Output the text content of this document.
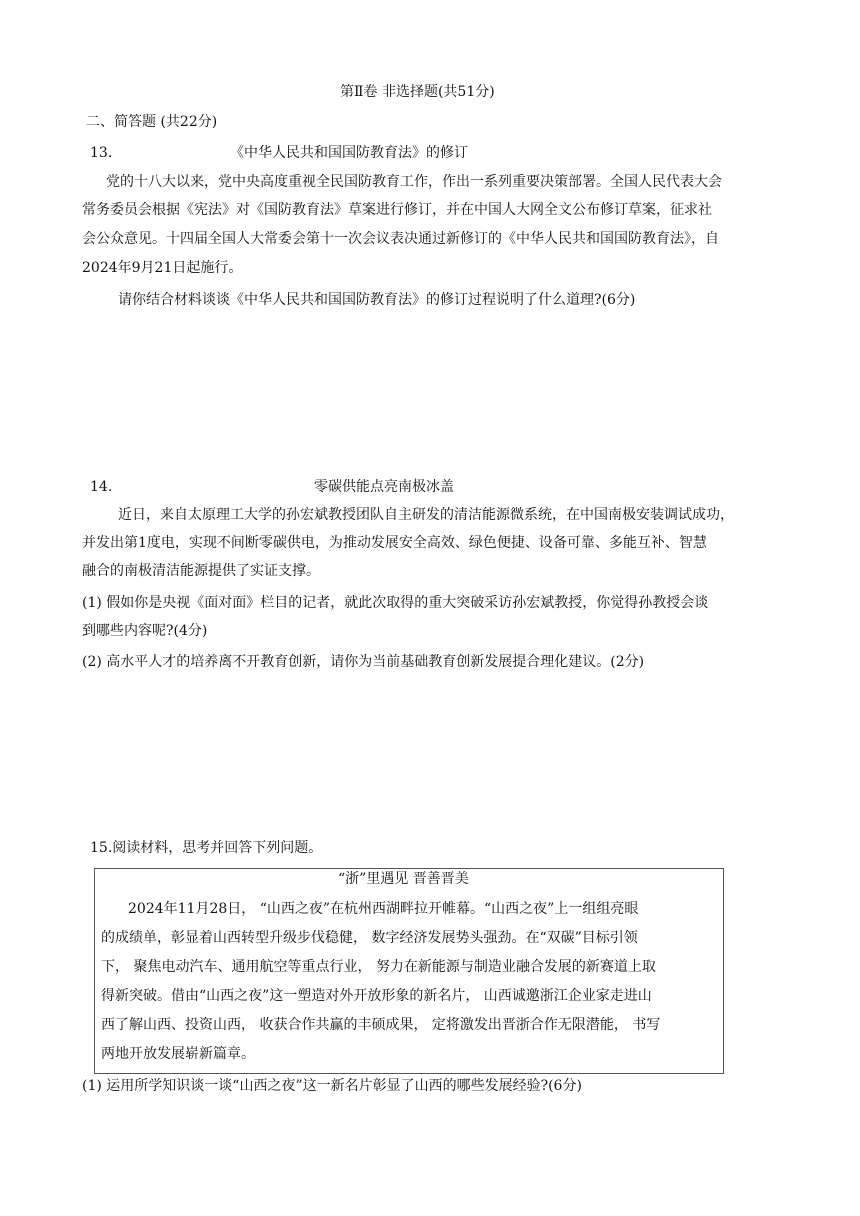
第Ⅱ卷 非选择题(共51分)
二、简答题 (共22分)
13.	《中华人民共和国国防教育法》的修订
党的十八大以来，党中央高度重视全民国防教育工作，作出一系列重要决策部署。全国人民代表大会
常务委员会根据《宪法》对《国防教育法》草案进行修订，并在中国人大网全文公布修订草案，征求社
会公众意见。十四届全国人大常委会第十一次会议表决通过新修订的《中华人民共和国国防教育法》，自
2024年9月21日起施行。
请你结合材料谈谈《中华人民共和国国防教育法》的修订过程说明了什么道理?(6分)
14.	零碳供能点亮南极冰盖
近日，来自太原理工大学的孙宏斌教授团队自主研发的清洁能源微系统，在中国南极安装调试成功，
并发出第1度电，实现不间断零碳供电，为推动发展安全高效、绿色便捷、设备可靠、多能互补、智慧
融合的南极清洁能源提供了实证支撑。
(1) 假如你是央视《面对面》栏目的记者，就此次取得的重大突破采访孙宏斌教授，你觉得孙教授会谈
到哪些内容呢?(4分)
(2) 高水平人才的培养离不开教育创新，请你为当前基础教育创新发展提合理化建议。(2分)
15.阅读材料，思考并回答下列问题。
“浙”里遇见 晋善晋美
2024年11月28日， “山西之夜”在杭州西湖畔拉开帷幕。“山西之夜”上一组组亮眼
的成绩单，彰显着山西转型升级步伐稳健， 数字经济发展势头强劲。在“双碳”目标引领
下， 聚焦电动汽车、通用航空等重点行业， 努力在新能源与制造业融合发展的新赛道上取
得新突破。借由“山西之夜”这一塑造对外开放形象的新名片， 山西诚邀浙江企业家走进山
西了解山西、投资山西， 收获合作共赢的丰硕成果， 定将激发出晋浙合作无限潜能， 书写
两地开放发展崭新篇章。
(1) 运用所学知识谈一谈“山西之夜”这一新名片彰显了山西的哪些发展经验?(6分)
